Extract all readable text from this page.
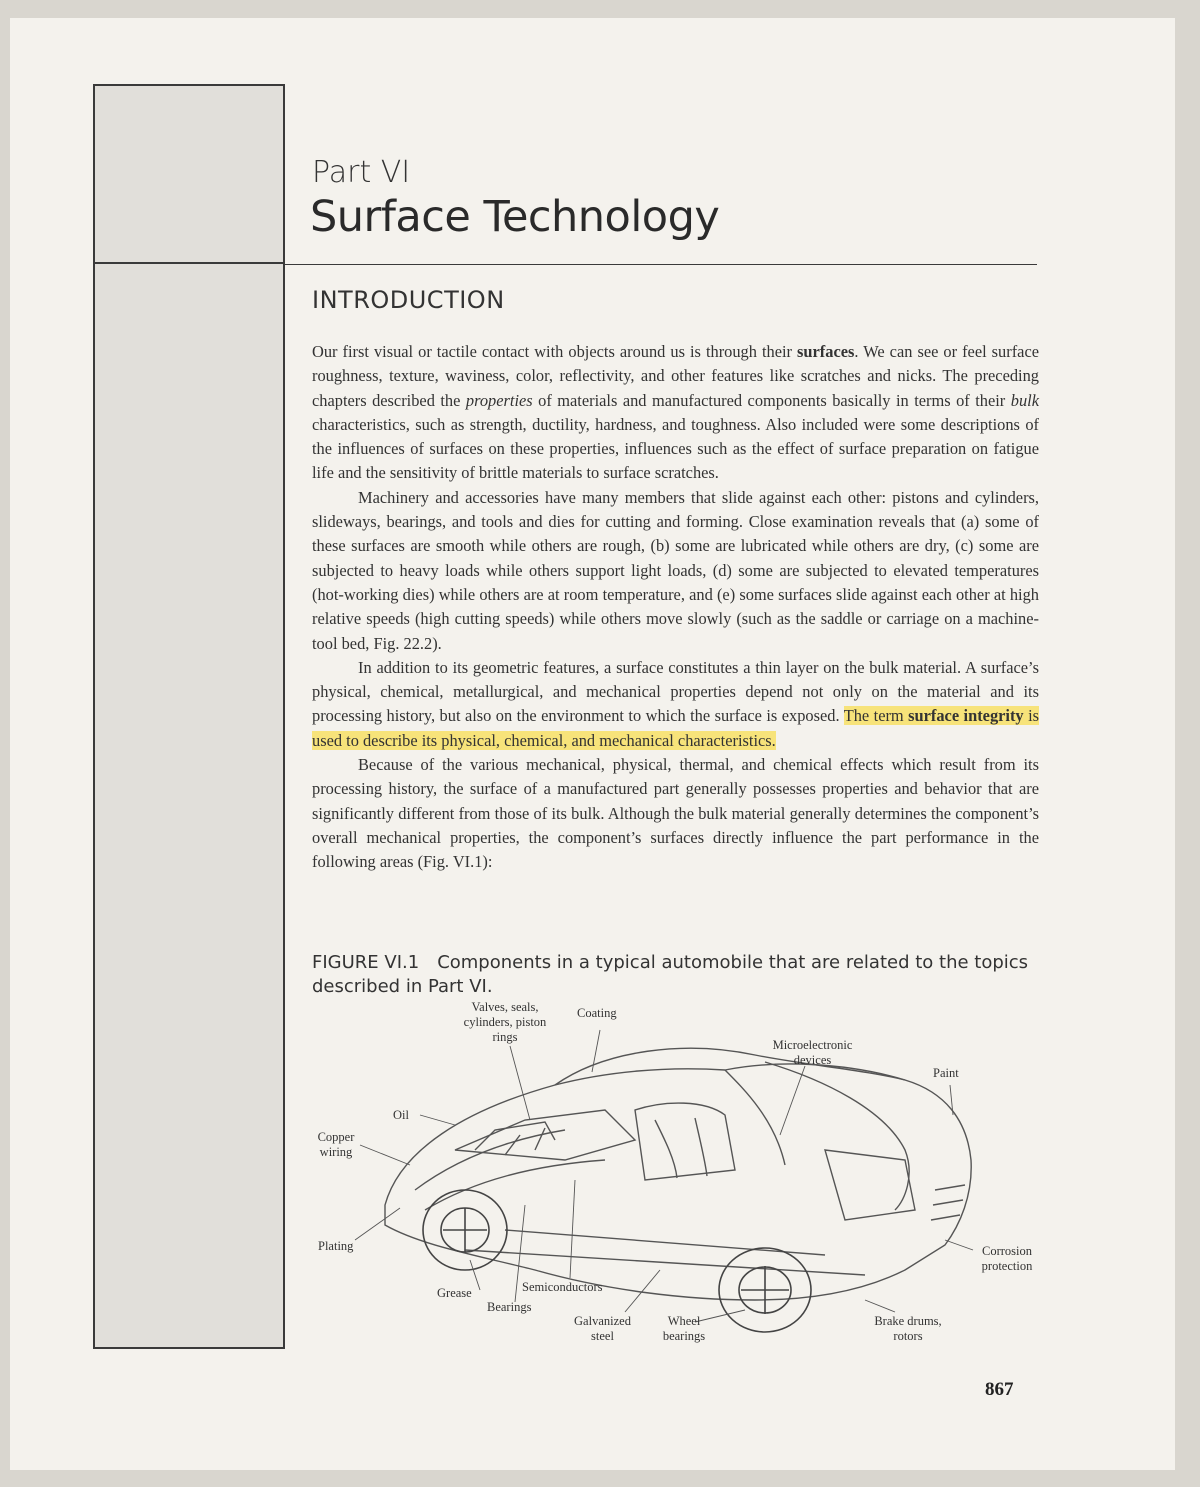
Part VI
Surface Technology
INTRODUCTION

Our first visual or tactile contact with objects around us is through their surfaces. We can see or feel surface roughness, texture, waviness, color, reflectivity, and other features like scratches and nicks. The preceding chapters described the properties of materials and manufactured components basically in terms of their bulk characteristics, such as strength, ductility, hardness, and toughness. Also included were some descriptions of the influences of surfaces on these properties, influences such as the effect of surface preparation on fatigue life and the sensitivity of brittle materials to surface scratches.

Machinery and accessories have many members that slide against each other: pistons and cylinders, slideways, bearings, and tools and dies for cutting and forming. Close examination reveals that (a) some of these surfaces are smooth while others are rough, (b) some are lubricated while others are dry, (c) some are subjected to heavy loads while others support light loads, (d) some are subjected to elevated temperatures (hot-working dies) while others are at room temperature, and (e) some surfaces slide against each other at high relative speeds (high cutting speeds) while others move slowly (such as the saddle or carriage on a machine-tool bed, Fig. 22.2).

In addition to its geometric features, a surface constitutes a thin layer on the bulk material. A surface’s physical, chemical, metallurgical, and mechanical properties depend not only on the material and its processing history, but also on the environment to which the surface is exposed. The term surface integrity is used to describe its physical, chemical, and mechanical characteristics.

Because of the various mechanical, physical, thermal, and chemical effects which result from its processing history, the surface of a manufactured part generally possesses properties and behavior that are significantly different from those of its bulk. Although the bulk material generally determines the component’s overall mechanical properties, the component’s surfaces directly influence the part performance in the following areas (Fig. VI.1):

FIGURE VI.1 Components in a typical automobile that are related to the topics described in Part VI.
Valves, seals, cylinders, piston rings
Coating
Microelectronic devices
Paint
Oil
Copper wiring
Plating	Corrosion protection
Grease
Bearings
Semiconductors
Galvanized steel
Wheel bearings
Brake drums, rotors
867
